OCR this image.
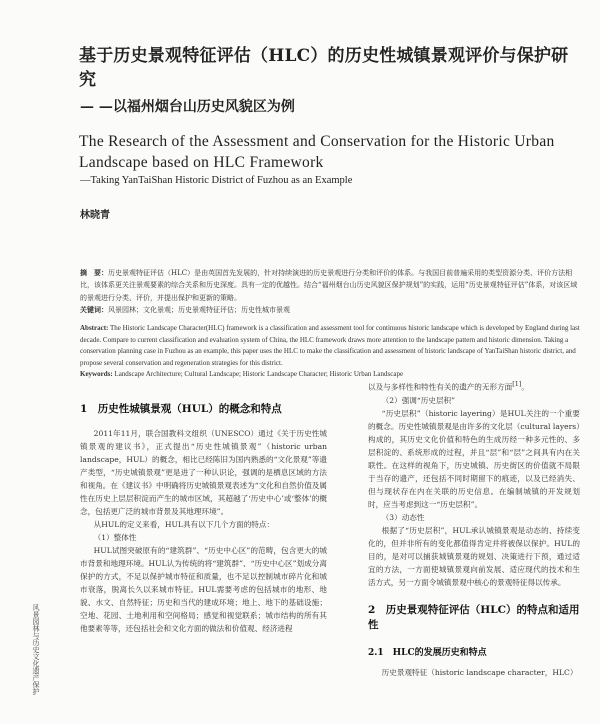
基于历史景观特征评估（HLC）的历史性城镇景观评价与保护研究
— —以福州烟台山历史风貌区为例
The Research of the Assessment and Conservation for the Historic Urban Landscape based on HLC Framework
—Taking YanTaiShan Historic District of Fuzhou as an Example
林晓青
摘　要：历史景观特征评估（HLC）是由英国首先发展的，针对持续演进的历史景观进行分类和评价的体系。与我国目前普遍采用的类型资源分类、评价方法相比，该体系更关注景观要素的综合关系和历史深度。具有一定的优越性。结合“福州烟台山历史风貌区保护规划”的实践，运用“历史景观特征评估”体系，对该区域的景观进行分类、评价，并提出保护和更新的策略。
关键词：风景园林；文化景观；历史景观特征评估；历史性城市景观
Abstract: The Historic Landscape Character(HLC) framework is a classification and assessment tool for continuous historic landscape which is developed by England during last decade. Compare to current classification and evaluation system of China, the HLC framework draws more attention to the landscape pattern and historic dimension. Taking a conservation planning case in Fuzhou as an example, this paper uses the HLC to make the classification and assessment of historic landscape of YanTaiShan historic district, and propose several conservation and regeneration strategies for this district.
Keywords: Landscape Architecture; Cultural Landscape; Historic Landscape Character; Historic Urban Landscape
1　历史性城镇景观（HUL）的概念和特点

2011年11月，联合国教科文组织（UNESCO）通过《关于历史性城镇景观的建议书》，正式提出“历史性城镇景观”（historic urban landscape，HUL）的概念，相比已经陈旧为国内熟悉的“文化景观”等遗产类型，“历史城镇景观”更是进了一种认识论，强调的是栖息区域的方法和视角。在《建议书》中明确将历史城镇景观表述为“文化和自然价值及属性在历史上层层积淀而产生的城市区域，其超越了‘历史中心’或‘整体’的概念，包括更广泛的城市背景及其地理环境”。

从HUL的定义来看，HUL具有以下几个方面的特点：

（1）整体性

HUL试图突破原有的“建筑群”、“历史中心区”的范畴，包含更大的城市背景和地理环境。HUL认为传统的将“建筑群”、“历史中心区”划成分离保护的方式，不足以保护城市特征和质量，也不足以控制城市碎片化和城市衰落，脱离长久以来城市特征。HUL需要考虑的包括城市的地形、地貌、水文、自然特征；历史和当代的建成环境；地上、地下的基础设施；空地、花园、土地利用和空间格局；感觉和视觉联系；城市结构的所有其他要素等等，还包括社会和文化方面的做法和价值观、经济进程

以及与多样性和特性有关的遗产的无形方面[1]。

（2）强调“历史层积”

“历史层积”（historic layering）是HUL关注的一个重要的概念。历史性城镇景观是由许多的文化层（cultural layers）构成的，其历史文化价值和特色的生成历经一种多元性的、多层积淀的、系统形成的过程，并且“层”和“层”之间具有内在关联性。在这样的视角下，历史城镇、历史街区的价值就不局限于当存的遗产，还包括不同时期留下的痕迹，以及已经消失、但与现状存在内在关联的历史信息。在编制城镇的开发规划时，应当考虑到这一“历史层积”。

（3）动态性

根据了“历史层积”，HUL承认城镇景观是动态的、持续变化的，但并非所有的变化都值得肯定并将被保以保护。HUL的目的，是对可以捕获城镇景观的规划、决策进行下预，通过适宜的方法，一方面使城镇景观向前发展、适应现代的技术和生活方式，另一方面令城镇景观中核心的景观特征得以传承。

2　历史景观特征评估（HLC）的特点和适用性
2.1　HLC的发展历史和特点

历史景观特征（historic landscape character，HLC）

风景园林与历史文化遗产保护
